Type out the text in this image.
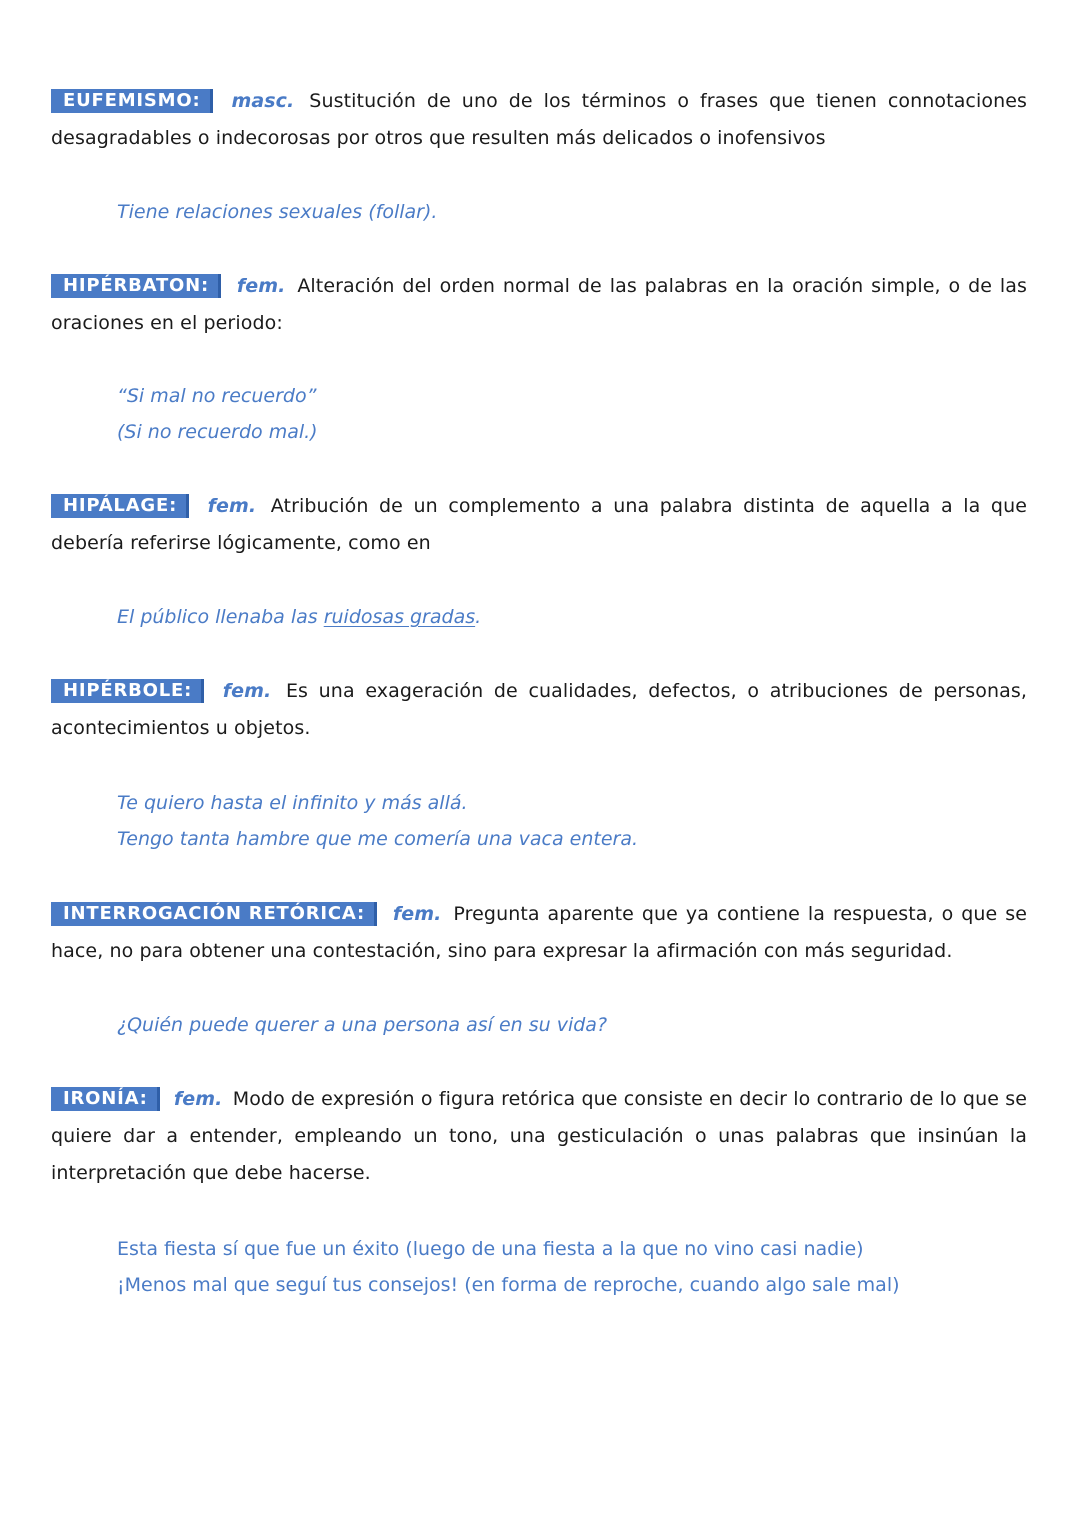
EUFEMISMO: masc. Sustitución de uno de los términos o frases que tienen connotaciones desagradables o indecorosas por otros que resulten más delicados o inofensivos

Tiene relaciones sexuales (follar).

HIPÉRBATON: fem. Alteración del orden normal de las palabras en la oración simple, o de las oraciones en el periodo:

“Si mal no recuerdo”
(Si no recuerdo mal.)

HIPÁLAGE: fem. Atribución de un complemento a una palabra distinta de aquella a la que debería referirse lógicamente, como en

El público llenaba las ruidosas gradas.

HIPÉRBOLE: fem. Es una exageración de cualidades, defectos, o atribuciones de personas, acontecimientos u objetos.

Te quiero hasta el infinito y más allá.
Tengo tanta hambre que me comería una vaca entera.

INTERROGACIÓN RETÓRICA: fem. Pregunta aparente que ya contiene la respuesta, o que se hace, no para obtener una contestación, sino para expresar la afirmación con más seguridad.

¿Quién puede querer a una persona así en su vida?

IRONÍA: fem. Modo de expresión o figura retórica que consiste en decir lo contrario de lo que se quiere dar a entender, empleando un tono, una gesticulación o unas palabras que insinúan la interpretación que debe hacerse.

Esta fiesta sí que fue un éxito (luego de una fiesta a la que no vino casi nadie)
¡Menos mal que seguí tus consejos! (en forma de reproche, cuando algo sale mal)
